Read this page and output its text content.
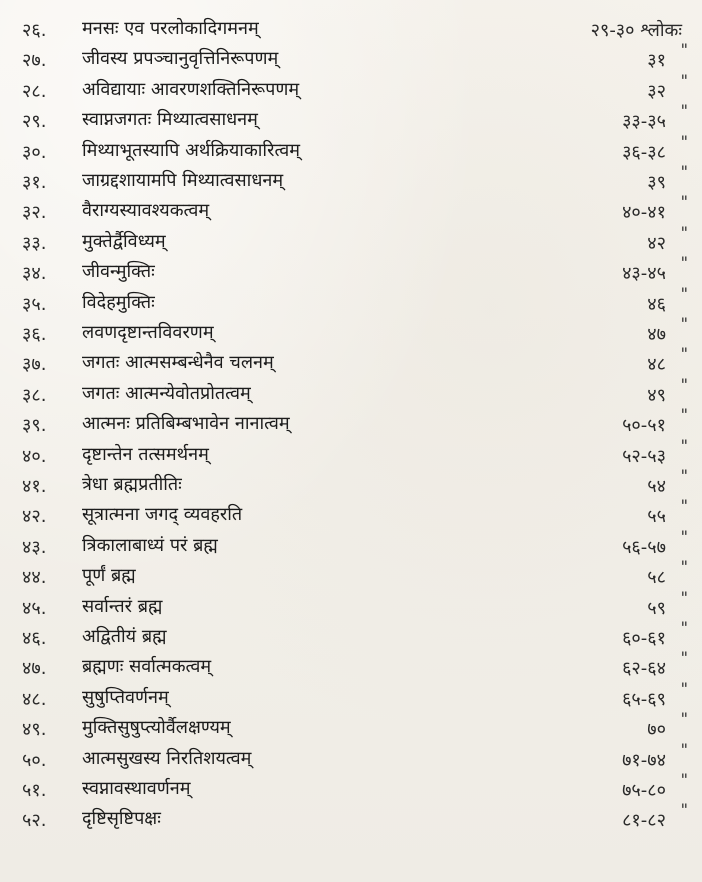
२६. मनसः एव परलोकादिगमनम्	२९-३० श्लोकः
२७. जीवस्य प्रपञ्चानुवृत्तिनिरूपणम्	३१
"
२८. अविद्यायाः आवरणशक्तिनिरूपणम्	३२
"
२९. स्वाप्नजगतः मिथ्यात्वसाधनम्	३३-३५
"
३०. मिथ्याभूतस्यापि अर्थक्रियाकारित्वम्	३६-३८
"
३१. जाग्रद्दशायामपि मिथ्यात्वसाधनम्	३९
"
३२. वैराग्यस्यावश्यकत्वम्	४०-४१
"
३३. मुक्तेर्द्वैविध्यम्	४२
"
३४. जीवन्मुक्तिः	४३-४५
"
३५. विदेहमुक्तिः	४६
"
३६. लवणदृष्टान्तविवरणम्	४७
"
३७. जगतः आत्मसम्बन्धेनैव चलनम्	४८
"
३८. जगतः आत्मन्येवोतप्रोतत्वम्	४९
"
३९. आत्मनः प्रतिबिम्बभावेन नानात्वम्	५०-५१
"
४०. दृष्टान्तेन तत्समर्थनम्	५२-५३
"
४१. त्रेधा ब्रह्मप्रतीतिः	५४
"
४२. सूत्रात्मना जगद् व्यवहरति	५५
"
४३. त्रिकालाबाध्यं परं ब्रह्म	५६-५७
"
४४. पूर्णं ब्रह्म	५८
"
४५. सर्वान्तरं ब्रह्म	५९
"
४६. अद्वितीयं ब्रह्म	६०-६१
"
४७. ब्रह्मणः सर्वात्मकत्वम्	६२-६४
"
४८. सुषुप्तिवर्णनम्	६५-६९
"
४९. मुक्तिसुषुप्त्योर्वैलक्षण्यम्	७०
"
५०. आत्मसुखस्य निरतिशयत्वम्	७१-७४
"
५१. स्वप्नावस्थावर्णनम्	७५-८०
"
५२. दृष्टिसृष्टिपक्षः	८१-८२
"
